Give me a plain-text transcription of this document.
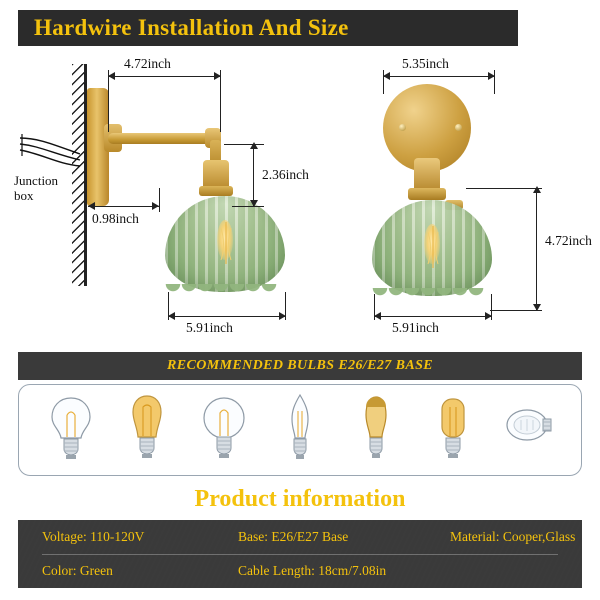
Hardwire Installation And Size
Junction
box
4.72inch
2.36inch
0.98inch
5.91inch
5.35inch
4.72inch
5.91inch
RECOMMENDED BULBS E26/E27 BASE
Product information
Voltage: 110-120V	Base: E26/E27 Base	Material: Cooper,Glass
Color: Green	Cable Length: 18cm/7.08in
